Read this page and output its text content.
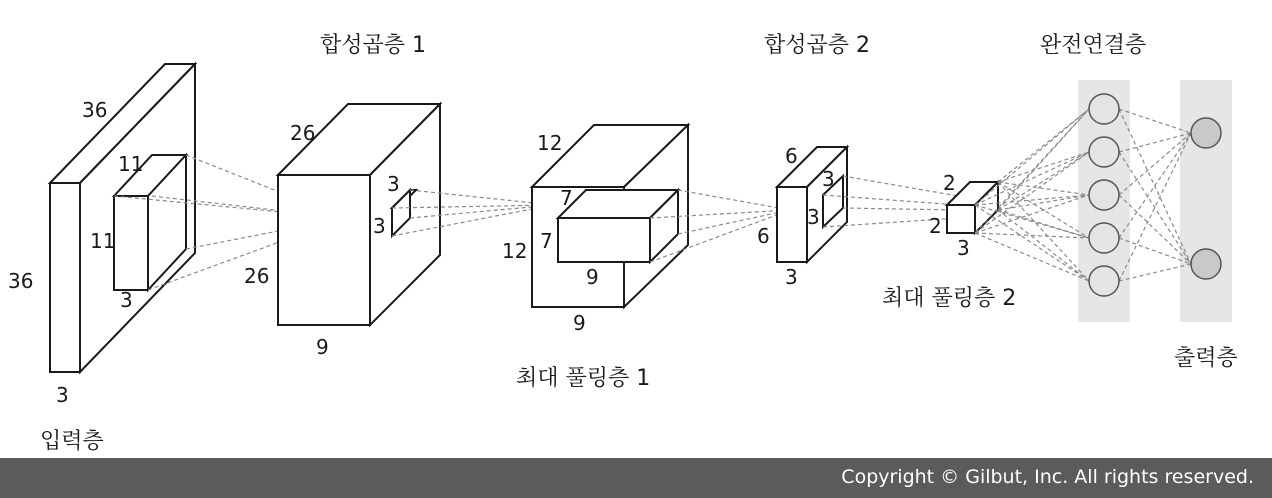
36
36
3
11
11
3
입력층
26
26
9
3
3
합성곱층 1
12
12
9
7
7
9
최대 풀링층 1
6
6
3
3
3
합성곱층 2
2
2
3
최대 풀링층 2
완전연결층
출력층
Copyright © Gilbut, Inc. All rights reserved.
